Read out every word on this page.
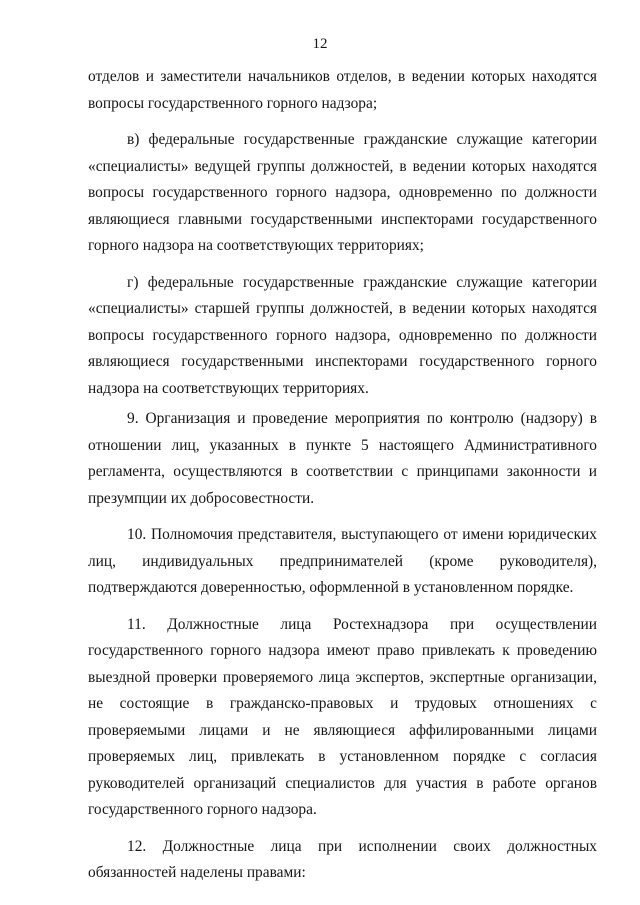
12

отделов и заместители начальников отделов, в ведении которых находятся вопросы государственного горного надзора;

в) федеральные государственные гражданские служащие категории «специалисты» ведущей группы должностей, в ведении которых находятся вопросы государственного горного надзора, одновременно по должности являющиеся главными государственными инспекторами государственного горного надзора на соответствующих территориях;

г) федеральные государственные гражданские служащие категории «специалисты» старшей группы должностей, в ведении которых находятся вопросы государственного горного надзора, одновременно по должности являющиеся государственными инспекторами государственного горного надзора на соответствующих территориях.

9. Организация и проведение мероприятия по контролю (надзору) в отношении лиц, указанных в пункте 5 настоящего Административного регламента, осуществляются в соответствии с принципами законности и презумпции их добросовестности.

10. Полномочия представителя, выступающего от имени юридических лиц, индивидуальных предпринимателей (кроме руководителя), подтверждаются доверенностью, оформленной в установленном порядке.

11. Должностные лица Ростехнадзора при осуществлении государственного горного надзора имеют право привлекать к проведению выездной проверки проверяемого лица экспертов, экспертные организации, не состоящие в гражданско-правовых и трудовых отношениях с проверяемыми лицами и не являющиеся аффилированными лицами проверяемых лиц, привлекать в установленном порядке с согласия руководителей организаций специалистов для участия в работе органов государственного горного надзора.

12. Должностные лица при исполнении своих должностных обязанностей наделены правами:
